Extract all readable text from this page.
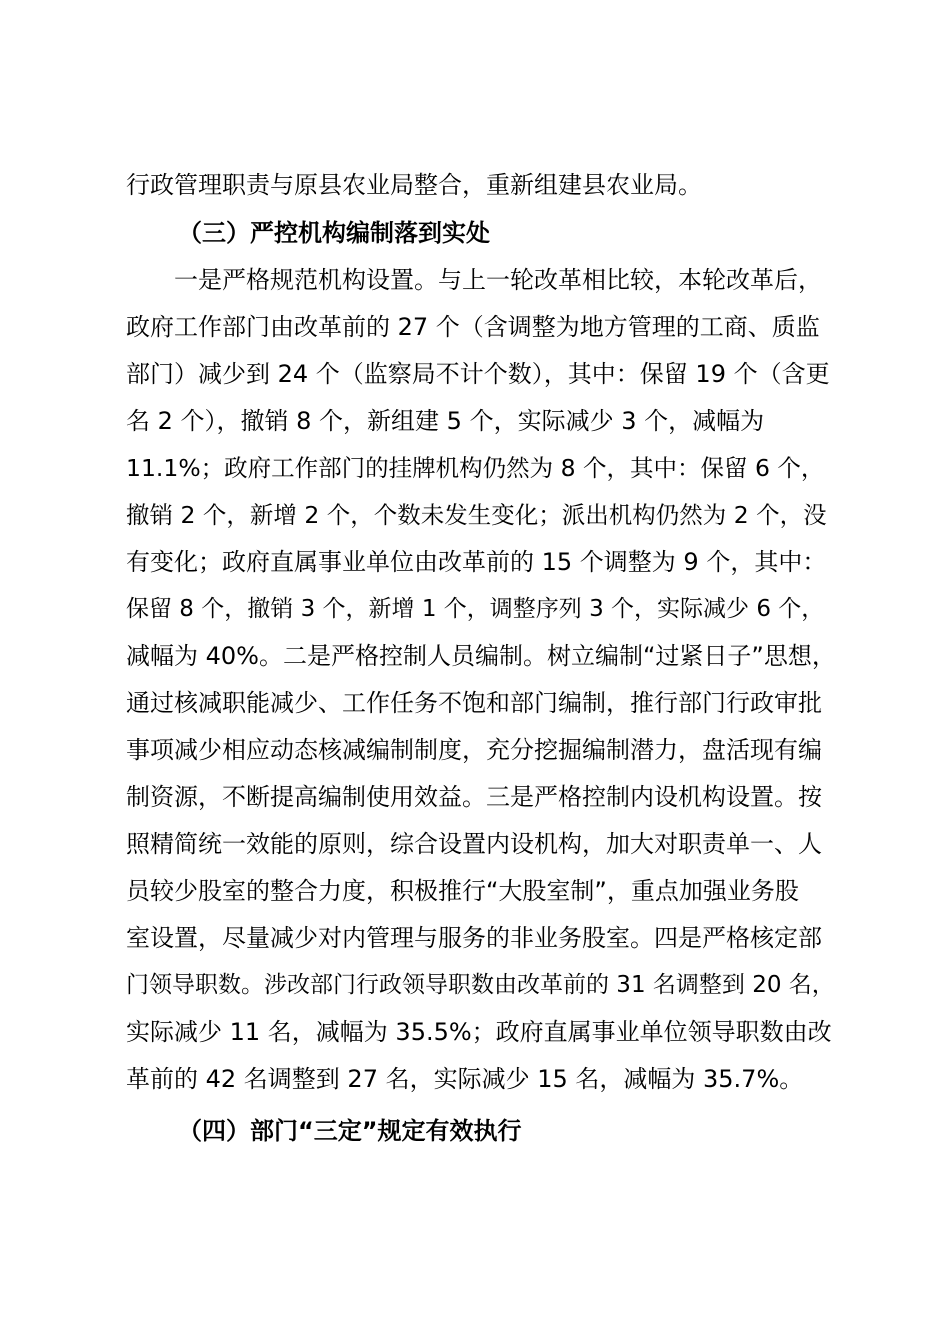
行政管理职责与原县农业局整合，重新组建县农业局。
（三）严控机构编制落到实处
一是严格规范机构设置。与上一轮改革相比较，本轮改革后，
政府工作部门由改革前的 27 个（含调整为地方管理的工商、质监
部门）减少到 24 个（监察局不计个数），其中：保留 19 个（含更
名 2 个），撤销 8 个，新组建 5 个，实际减少 3 个，减幅为
11.1%；政府工作部门的挂牌机构仍然为 8 个，其中：保留 6 个，
撤销 2 个，新增 2 个，个数未发生变化；派出机构仍然为 2 个，没
有变化；政府直属事业单位由改革前的 15 个调整为 9 个，其中：
保留 8 个，撤销 3 个，新增 1 个，调整序列 3 个，实际减少 6 个，
减幅为 40%。二是严格控制人员编制。树立编制“过紧日子”思想，
通过核减职能减少、工作任务不饱和部门编制，推行部门行政审批
事项减少相应动态核减编制制度，充分挖掘编制潜力，盘活现有编
制资源，不断提高编制使用效益。三是严格控制内设机构设置。按
照精简统一效能的原则，综合设置内设机构，加大对职责单一、人
员较少股室的整合力度，积极推行“大股室制”，重点加强业务股
室设置，尽量减少对内管理与服务的非业务股室。四是严格核定部
门领导职数。涉改部门行政领导职数由改革前的 31 名调整到 20 名，
实际减少 11 名，减幅为 35.5%；政府直属事业单位领导职数由改
革前的 42 名调整到 27 名，实际减少 15 名，减幅为 35.7%。
（四）部门“三定”规定有效执行
